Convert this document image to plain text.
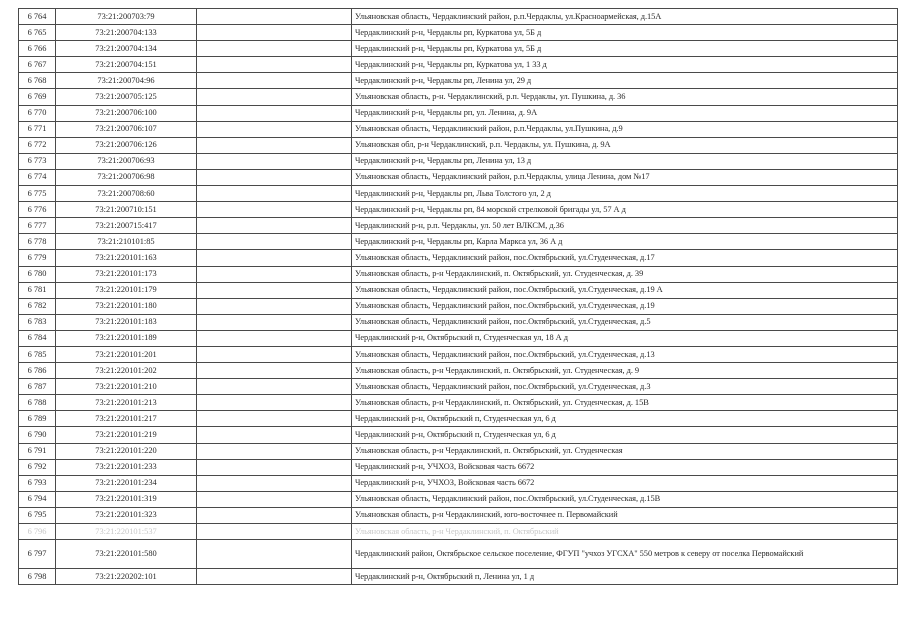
6 764	73:21:200703:79		Ульяновская область, Чердаклинский район, р.п.Чердаклы, ул.Красноармейская, д.15А
6 765	73:21:200704:133		Чердаклинский р-н, Чердаклы рп, Куркатова ул, 5Б д
6 766	73:21:200704:134		Чердаклинский р-н, Чердаклы рп, Куркатова ул, 5Б д
6 767	73:21:200704:151		Чердаклинский р-н, Чердаклы рп, Куркатова ул, 1 33 д
6 768	73:21:200704:96		Чердаклинский р-н, Чердаклы рп, Ленина ул, 29 д
6 769	73:21:200705:125		Ульяновская область, р-н. Чердаклинский, р.п. Чердаклы, ул. Пушкина, д. 36
6 770	73:21:200706:100		Чердаклинский р-н, Чердаклы рп, ул. Ленина, д. 9А
6 771	73:21:200706:107		Ульяновская область, Чердаклинский район, р.п.Чердаклы, ул.Пушкина, д.9
6 772	73:21:200706:126		Ульяновская обл, р-н Чердаклинский, р.п. Чердаклы, ул. Пушкина, д. 9А
6 773	73:21:200706:93		Чердаклинский р-н, Чердаклы рп, Ленина ул, 13 д
6 774	73:21:200706:98		Ульяновская область, Чердаклинский район, р.п.Чердаклы, улица Ленина, дом №17
6 775	73:21:200708:60		Чердаклинский р-н, Чердаклы рп, Льва Толстого ул, 2 д
6 776	73:21:200710:151		Чердаклинский р-н, Чердаклы рп, 84 морской стрелковой бригады ул, 57 А д
6 777	73:21:200715:417		Чердаклинский р-н, р.п. Чердаклы, ул. 50 лет ВЛКСМ, д.36
6 778	73:21:210101:85		Чердаклинский р-н, Чердаклы рп, Карла Маркса ул, 36 А д
6 779	73:21:220101:163		Ульяновская область, Чердаклинский район, пос.Октябрьский, ул.Студенческая, д.17
6 780	73:21:220101:173		Ульяновская область, р-н Чердаклинский, п. Октябрьский, ул. Студенческая, д. 39
6 781	73:21:220101:179		Ульяновская область, Чердаклинский район, пос.Октябрьский, ул.Студенческая, д.19 А
6 782	73:21:220101:180		Ульяновская область, Чердаклинский район, пос.Октябрьский, ул.Студенческая, д.19
6 783	73:21:220101:183		Ульяновская область, Чердаклинский район, пос.Октябрьский, ул.Студенческая, д.5
6 784	73:21:220101:189		Чердаклинский р-н, Октябрьский п, Студенческая ул, 18 А д
6 785	73:21:220101:201		Ульяновская область, Чердаклинский район, пос.Октябрьский, ул.Студенческая, д.13
6 786	73:21:220101:202		Ульяновская область, р-н Чердаклинский, п. Октябрьский, ул. Студенческая, д. 9
6 787	73:21:220101:210		Ульяновская область, Чердаклинский район, пос.Октябрьский, ул.Студенческая, д.3
6 788	73:21:220101:213		Ульяновская область, р-н Чердаклинский, п. Октябрьский, ул. Студенческая, д. 15В
6 789	73:21:220101:217		Чердаклинский р-н, Октябрьский п, Студенческая ул, 6 д
6 790	73:21:220101:219		Чердаклинский р-н, Октябрьский п, Студенческая ул, 6 д
6 791	73:21:220101:220		Ульяновская область, р-н Чердаклинский, п. Октябрьский, ул. Студенческая
6 792	73:21:220101:233		Чердаклинский р-н, УЧХОЗ, Войсковая часть 6672
6 793	73:21:220101:234		Чердаклинский р-н, УЧХОЗ, Войсковая часть 6672
6 794	73:21:220101:319		Ульяновская область, Чердаклинский район, пос.Октябрьский, ул.Студенческая, д.15В
6 795	73:21:220101:323		Ульяновская область, р-н Чердаклинский, юго-восточнее п. Первомайский
6 796	73:21:220101:537		Ульяновская область, р-н Чердаклинский, п. Октябрьский
6 797	73:21:220101:580		Чердаклинский район, Октябрьское сельское поселение, ФГУП "учхоз УГСХА" 550 метров к северу от поселка Первомайский
6 798	73:21:220202:101		Чердаклинский р-н, Октябрьский п, Ленина ул, 1 д
